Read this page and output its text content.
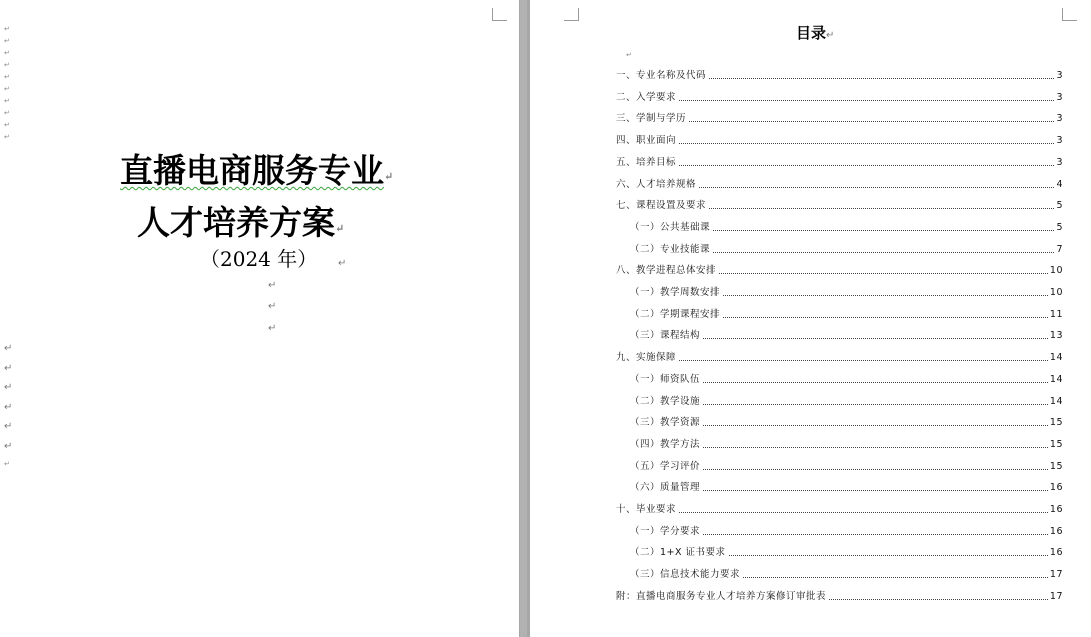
↵
↵
↵
↵
↵
↵
↵
↵
↵
↵
↵
直播电商服务专业↵
人才培养方案↵
（2024 年） ↵
↵
↵
↵
↵
↵
↵
↵
↵
↵
目录↵
↵
一、专业名称及代码	3
二、入学要求	3
三、学制与学历	3
四、职业面向	3
五、培养目标	3
六、人才培养规格	4
七、课程设置及要求	5
（一）公共基础课	5
（二）专业技能课	7
八、教学进程总体安排	10
（一）教学周数安排	10
（二）学期课程安排	11
（三）课程结构	13
九、实施保障	14
（一）师资队伍	14
（二）教学设施	14
（三）教学资源	15
（四）教学方法	15
（五）学习评价	15
（六）质量管理	16
十、毕业要求	16
（一）学分要求	16
（二）1+X 证书要求	16
（三）信息技术能力要求	17
附：直播电商服务专业人才培养方案修订审批表	17
